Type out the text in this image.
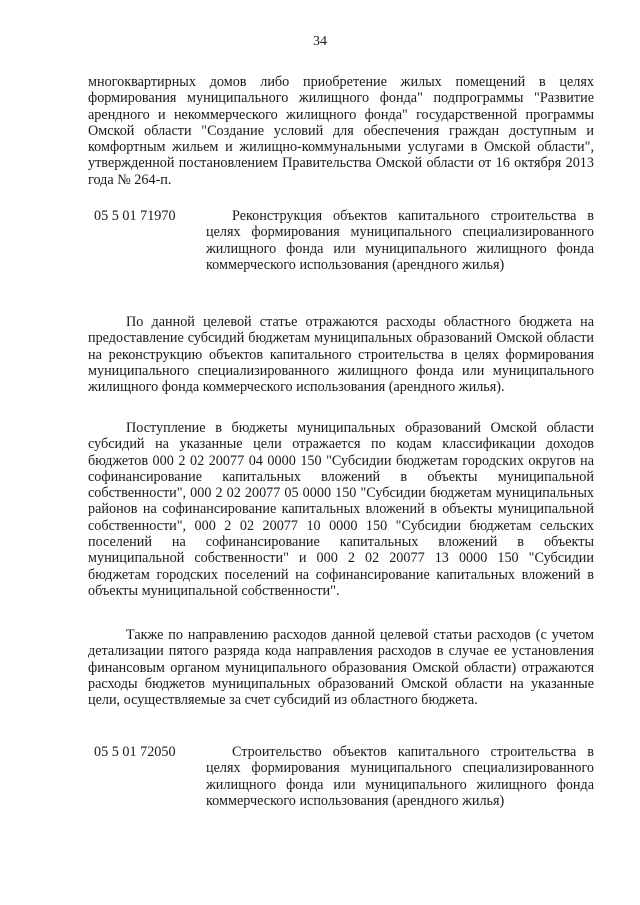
34

многоквартирных домов либо приобретение жилых помещений в целях формирования муниципального жилищного фонда" подпрограммы "Развитие арендного и некоммерческого жилищного фонда" государственной программы Омской области "Создание условий для обеспечения граждан доступным и комфортным жильем и жилищно-коммунальными услугами в Омской области", утвержденной постановлением Правительства Омской области от 16 октября 2013 года № 264-п.

05 5 01 71970	Реконструкция объектов капитального строительства в целях формирования муниципального специализированного жилищного фонда или муниципального жилищного фонда коммерческого использования (арендного жилья)

По данной целевой статье отражаются расходы областного бюджета на предоставление субсидий бюджетам муниципальных образований Омской области на реконструкцию объектов капитального строительства в целях формирования муниципального специализированного жилищного фонда или муниципального жилищного фонда коммерческого использования (арендного жилья).

Поступление в бюджеты муниципальных образований Омской области субсидий на указанные цели отражается по кодам классификации доходов бюджетов 000 2 02 20077 04 0000 150 "Субсидии бюджетам городских округов на софинансирование капитальных вложений в объекты муниципальной собственности", 000 2 02 20077 05 0000 150 "Субсидии бюджетам муниципальных районов на софинансирование капитальных вложений в объекты муниципальной собственности", 000 2 02 20077 10 0000 150 "Субсидии бюджетам сельских поселений на софинансирование капитальных вложений в объекты муниципальной собственности" и 000 2 02 20077 13 0000 150 "Субсидии бюджетам городских поселений на софинансирование капитальных вложений в объекты муниципальной собственности".

Также по направлению расходов данной целевой статьи расходов (с учетом детализации пятого разряда кода направления расходов в случае ее установления финансовым органом муниципального образования Омской области) отражаются расходы бюджетов муниципальных образований Омской области на указанные цели, осуществляемые за счет субсидий из областного бюджета.

05 5 01 72050	Строительство объектов капитального строительства в целях формирования муниципального специализированного жилищного фонда или муниципального жилищного фонда коммерческого использования (арендного жилья)
